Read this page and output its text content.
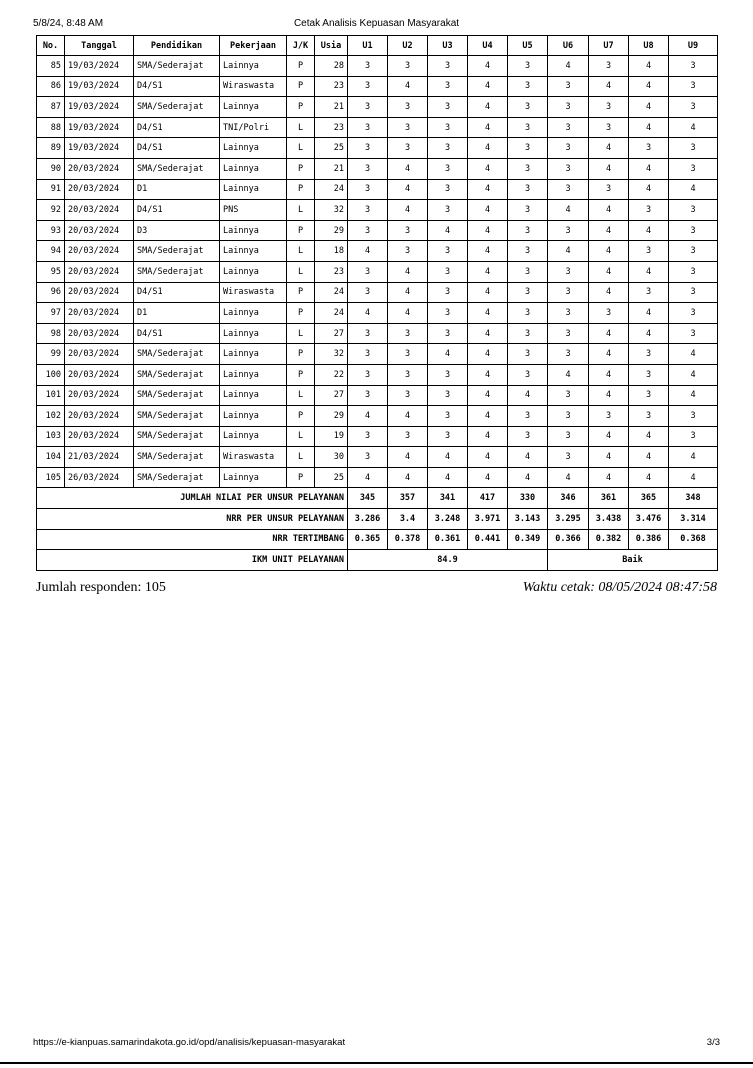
5/8/24, 8:48 AM	Cetak Analisis Kepuasan Masyarakat
No.	Tanggal	Pendidikan	Pekerjaan	J/K	Usia	U1	U2	U3	U4	U5	U6	U7	U8	U9
85	19/03/2024	SMA/Sederajat	Lainnya	P	28	3	3	3	4	3	4	3	4	3
86	19/03/2024	D4/S1	Wiraswasta	P	23	3	4	3	4	3	3	4	4	3
87	19/03/2024	SMA/Sederajat	Lainnya	P	21	3	3	3	4	3	3	3	4	3
88	19/03/2024	D4/S1	TNI/Polri	L	23	3	3	3	4	3	3	3	4	4
89	19/03/2024	D4/S1	Lainnya	L	25	3	3	3	4	3	3	4	3	3
90	20/03/2024	SMA/Sederajat	Lainnya	P	21	3	4	3	4	3	3	4	4	3
91	20/03/2024	D1	Lainnya	P	24	3	4	3	4	3	3	3	4	4
92	20/03/2024	D4/S1	PNS	L	32	3	4	3	4	3	4	4	3	3
93	20/03/2024	D3	Lainnya	P	29	3	3	4	4	3	3	4	4	3
94	20/03/2024	SMA/Sederajat	Lainnya	L	18	4	3	3	4	3	4	4	3	3
95	20/03/2024	SMA/Sederajat	Lainnya	L	23	3	4	3	4	3	3	4	4	3
96	20/03/2024	D4/S1	Wiraswasta	P	24	3	4	3	4	3	3	4	3	3
97	20/03/2024	D1	Lainnya	P	24	4	4	3	4	3	3	3	4	3
98	20/03/2024	D4/S1	Lainnya	L	27	3	3	3	4	3	3	4	4	3
99	20/03/2024	SMA/Sederajat	Lainnya	P	32	3	3	4	4	3	3	4	3	4
100	20/03/2024	SMA/Sederajat	Lainnya	P	22	3	3	3	4	3	4	4	3	4
101	20/03/2024	SMA/Sederajat	Lainnya	L	27	3	3	3	4	4	3	4	3	4
102	20/03/2024	SMA/Sederajat	Lainnya	P	29	4	4	3	4	3	3	3	3	3
103	20/03/2024	SMA/Sederajat	Lainnya	L	19	3	3	3	4	3	3	4	4	3
104	21/03/2024	SMA/Sederajat	Wiraswasta	L	30	3	4	4	4	4	3	4	4	4
105	26/03/2024	SMA/Sederajat	Lainnya	P	25	4	4	4	4	4	4	4	4	4
JUMLAH NILAI PER UNSUR PELAYANAN						345	357	341	417	330	346	361	365	348
NRR PER UNSUR PELAYANAN						3.286	3.4	3.248	3.971	3.143	3.295	3.438	3.476	3.314
NRR TERTIMBANG						0.365	0.378	0.361	0.441	0.349	0.366	0.382	0.386	0.368
IKM UNIT PELAYANAN						84.9					Baik			
Jumlah responden: 105	Waktu cetak: 08/05/2024 08:47:58
https://e-kianpuas.samarindakota.go.id/opd/analisis/kepuasan-masyarakat	3/3
